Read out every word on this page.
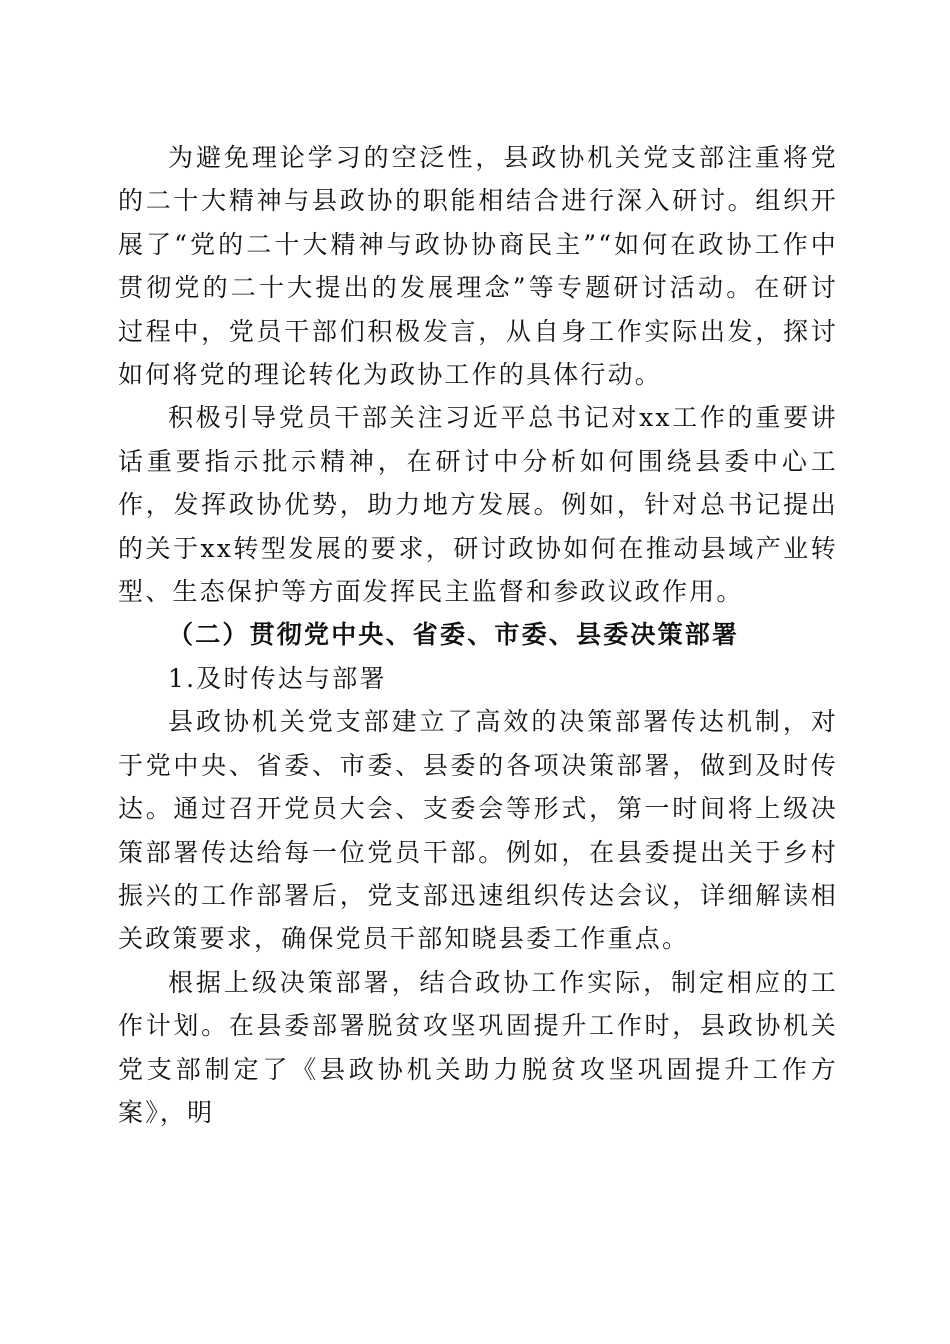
为避免理论学习的空泛性，县政协机关党支部注重将党的二十大精神与县政协的职能相结合进行深入研讨。组织开展了“党的二十大精神与政协协商民主”“如何在政协工作中贯彻党的二十大提出的发展理念”等专题研讨活动。在研讨过程中，党员干部们积极发言，从自身工作实际出发，探讨如何将党的理论转化为政协工作的具体行动。

积极引导党员干部关注习近平总书记对xx工作的重要讲话重要指示批示精神，在研讨中分析如何围绕县委中心工作，发挥政协优势，助力地方发展。例如，针对总书记提出的关于xx转型发展的要求，研讨政协如何在推动县域产业转型、生态保护等方面发挥民主监督和参政议政作用。

（二）贯彻党中央、省委、市委、县委决策部署

1.及时传达与部署

县政协机关党支部建立了高效的决策部署传达机制，对于党中央、省委、市委、县委的各项决策部署，做到及时传达。通过召开党员大会、支委会等形式，第一时间将上级决策部署传达给每一位党员干部。例如，在县委提出关于乡村振兴的工作部署后，党支部迅速组织传达会议，详细解读相关政策要求，确保党员干部知晓县委工作重点。

根据上级决策部署，结合政协工作实际，制定相应的工作计划。在县委部署脱贫攻坚巩固提升工作时，县政协机关党支部制定了《县政协机关助力脱贫攻坚巩固提升工作方案》，明
